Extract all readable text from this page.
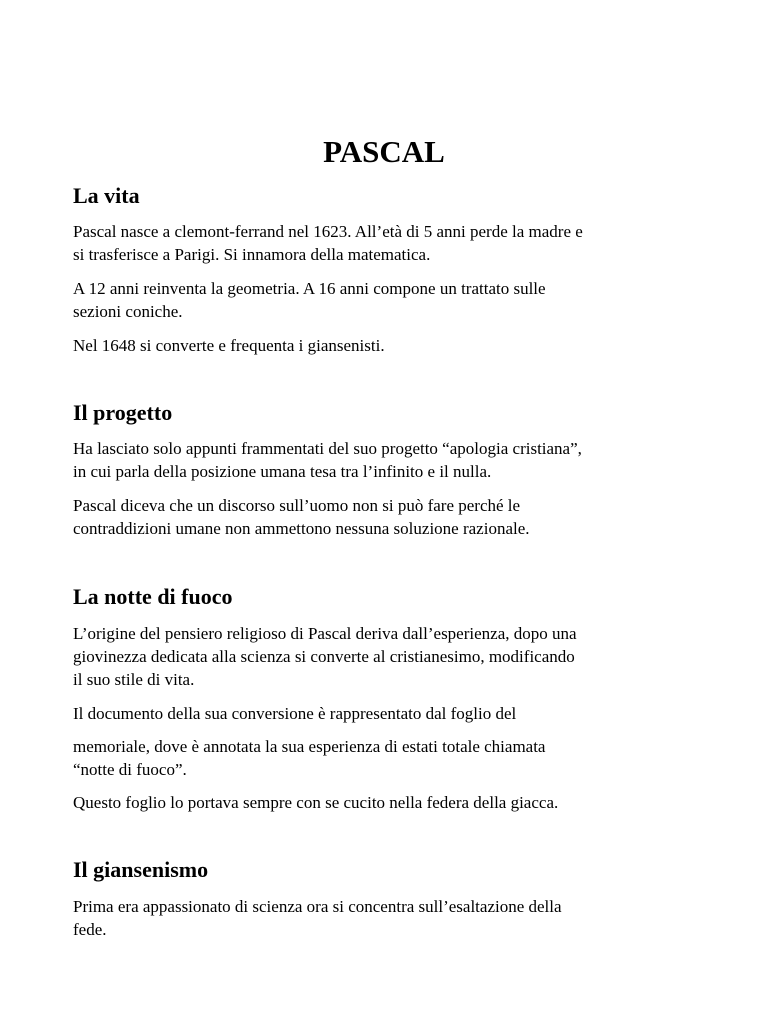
PASCAL
La vita

Pascal nasce a clemont-ferrand nel 1623. All’età di 5 anni perde la madre e
si trasferisce a Parigi. Si innamora della matematica.

A 12 anni reinventa la geometria. A 16 anni compone un trattato sulle
sezioni coniche.

Nel 1648 si converte e frequenta i giansenisti.

Il progetto

Ha lasciato solo appunti frammentati del suo progetto “apologia cristiana”,
in cui parla della posizione umana tesa tra l’infinito e il nulla.

Pascal diceva che un discorso sull’uomo non si può fare perché le
contraddizioni umane non ammettono nessuna soluzione razionale.

La notte di fuoco

L’origine del pensiero religioso di Pascal deriva dall’esperienza, dopo una
giovinezza dedicata alla scienza si converte al cristianesimo, modificando
il suo stile di vita.

Il documento della sua conversione è rappresentato dal foglio del

memoriale, dove è annotata la sua esperienza di estati totale chiamata
“notte di fuoco”.

Questo foglio lo portava sempre con se cucito nella federa della giacca.

Il giansenismo

Prima era appassionato di scienza ora si concentra sull’esaltazione della
fede.
